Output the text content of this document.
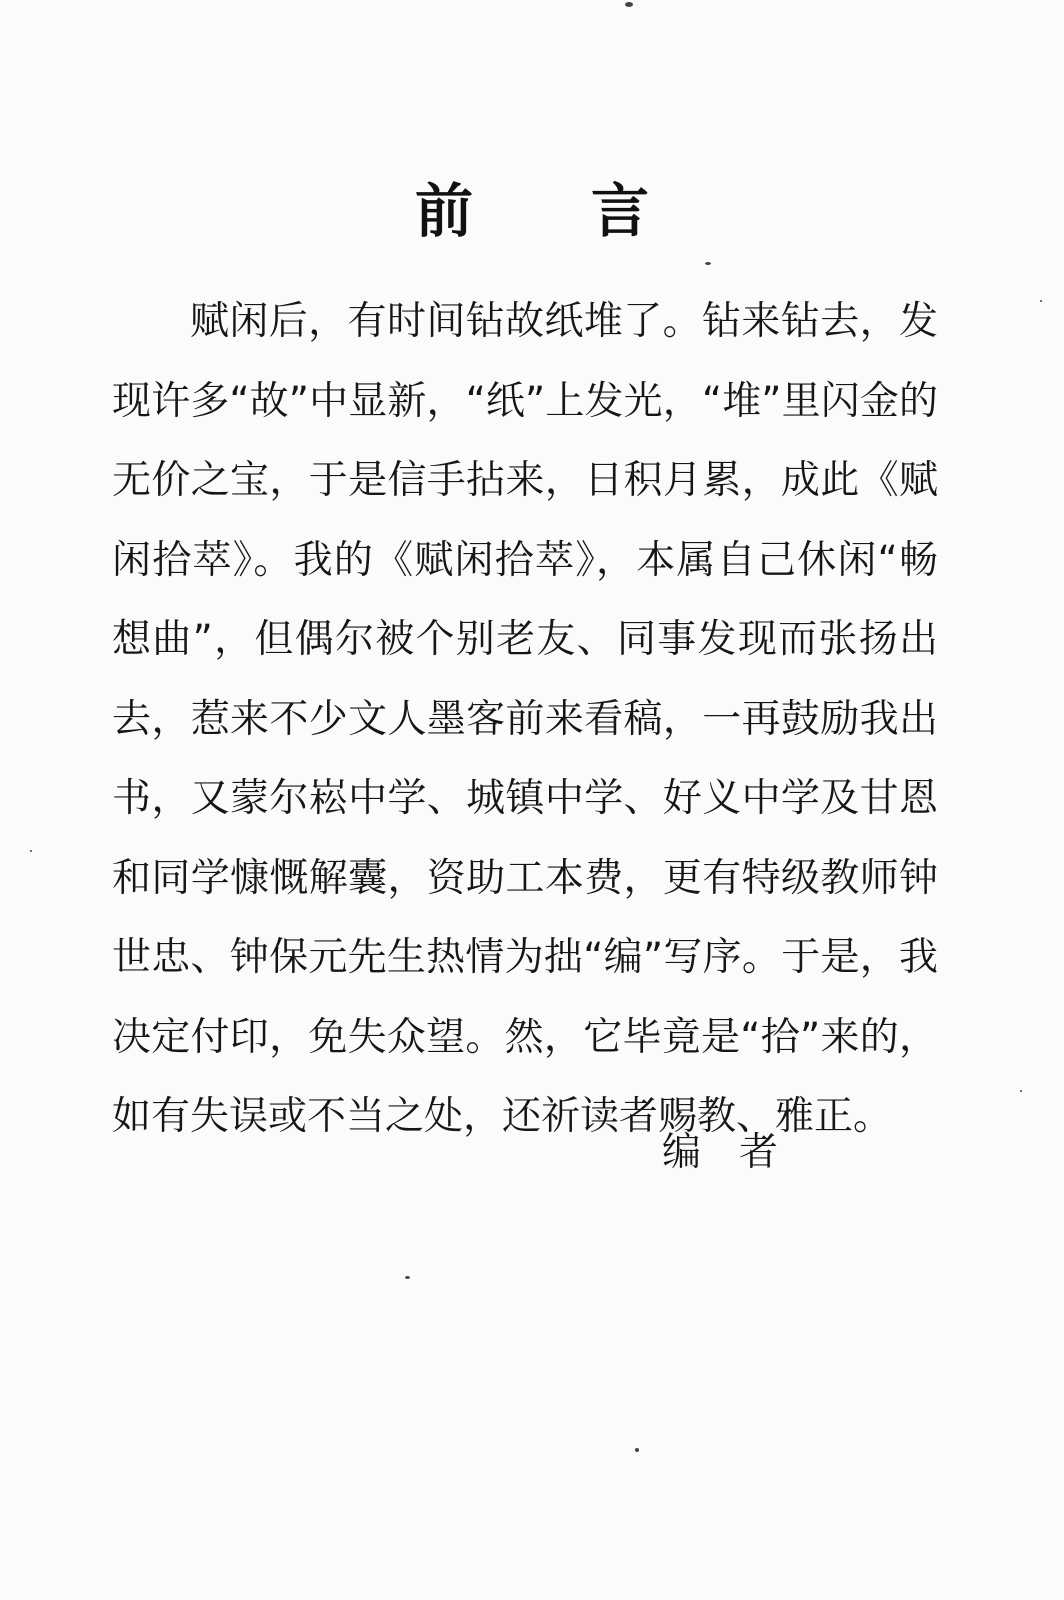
前言

赋闲后，有时间钻故纸堆了。钻来钻去，发现许多“故”中显新，“纸”上发光，“堆”里闪金的无价之宝，于是信手拈来，日积月累，成此《赋闲拾萃》。我的《赋闲拾萃》，本属自己休闲“畅想曲”，但偶尔被个别老友、同事发现而张扬出去，惹来不少文人墨客前来看稿，一再鼓励我出书，又蒙尔崧中学、城镇中学、好义中学及甘恩和同学慷慨解囊，资助工本费，更有特级教师钟世忠、钟保元先生热情为拙“编”写序。于是，我决定付印，免失众望。然，它毕竟是“拾”来的，如有失误或不当之处，还祈读者赐教、雅正。

编者
